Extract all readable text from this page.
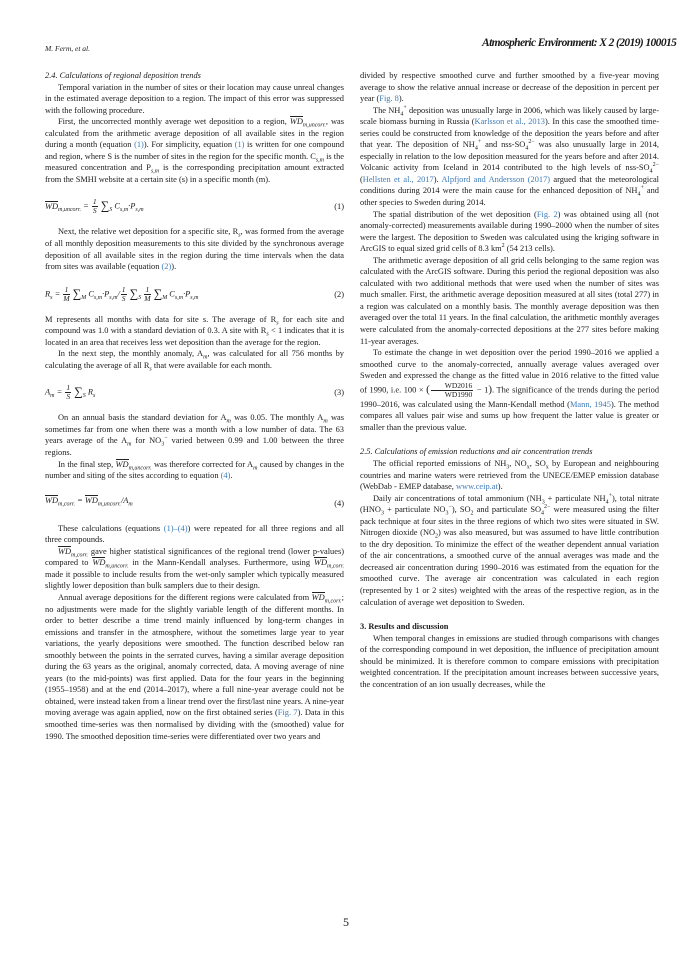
M. Ferm, et al.	Atmospheric Environment: X 2 (2019) 100015

2.4. Calculations of regional deposition trends

Temporal variation in the number of sites or their location may cause unreal changes in the estimated average deposition to a region. The impact of this error was suppressed with the following procedure.

First, the uncorrected monthly average wet deposition to a region, $WD_{m,uncorr.}$, was calculated from the arithmetic average deposition of all available sites in the region during a month (equation (1)). For simplicity, equation (1) is written for one compound and region, where S is the number of sites in the region for the specific month. $C_{s,m}$ is the measured concentration and $P_{s,m}$ is the corresponding precipitation amount extracted from the SMHI website at a certain site (s) in a specific month (m).

$WD_{m,uncorr.} = \frac{1}{S} \sum_S$ $C_{s,m}\cdot P_{s,m}$	(1)

Next, the relative wet deposition for a specific site, $R_s$, was formed from the average of all monthly deposition measurements to this site divided by the synchronous average deposition of all available sites in the region during the time intervals when the data from sites was available (equation (2)).

$R_s = \frac{1}{M} \sum_M$ $C_{s,m}\cdot P_{s,m}/ \frac{1}{S} \sum_S \frac{1}{M} \sum_M$ $C_{s,m}\cdot P_{s,m}$	(2)

M represents all months with data for site s. The average of $R_s$ for each site and compound was 1.0 with a standard deviation of 0.3. A site with $R_s < 1$ indicates that it is located in an area that receives less wet deposition than the average for the region.

In the next step, the monthly anomaly, $A_m$, was calculated for all 756 months by calculating the average of all $R_s$ that were available for each month.

$A_m = \frac{1}{S} \sum_S$ $R_s$	(3)

On an annual basis the standard deviation for $A_m$ was 0.05. The monthly $A_m$ was sometimes far from one when there was a month with a low number of data. The 63 years average of the $A_m$ for $NO_3^-$ varied between 0.99 and 1.00 between the three regions.

In the final step, $WD_{m,uncorr.}$ was therefore corrected for $A_m$ caused by changes in the number and siting of the sites according to equation (4).

$WD_{m,corr.} = WD_{m,uncorr.}/A_m$	(4)

These calculations (equations (1)–(4)) were repeated for all three regions and all three compounds.

$WD_{m,corr.}$ gave higher statistical significances of the regional trend (lower p-values) compared to $WD_{m,uncorr.}$ in the Mann-Kendall analyses. Furthermore, using $WD_{m,corr.}$ made it possible to include results from the wet-only sampler which typically measured slightly lower deposition than bulk samplers due to their design.

Annual average depositions for the different regions were calculated from $WD_{m,corr.}$; no adjustments were made for the slightly variable length of the different months. In order to better describe a time trend mainly influenced by long-term changes in emissions and transfer in the atmosphere, without the sometimes large year to year variations, the yearly depositions were smoothed. The function described below ran smoothly between the points in the serrated curves, having a similar average deposition during the 63 years as the original, anomaly corrected, data. A moving average of nine years (to the mid-points) was first applied. Data for the four years in the beginning (1955–1958) and at the end (2014–2017), where a full nine-year average could not be obtained, were instead taken from a linear trend over the first/last nine years. A nine-year moving average was again applied, now on the first obtained series (Fig. 7). Data in this smoothed time-series was then normalised by dividing with the (smoothed) value for 1990. The smoothed deposition time-series were differentiated over two years and

divided by respective smoothed curve and further smoothed by a five-year moving average to show the relative annual increase or decrease of the deposition in percent per year (Fig. 8).

The $NH_4^+$ deposition was unusually large in 2006, which was likely caused by large-scale biomass burning in Russia (Karlsson et al., 2013). In this case the smoothed time-series could be constructed from knowledge of the deposition the years before and after that year. The deposition of $NH_4^+$ and nss-$SO_4^{2-}$ was also unusually large in 2014, especially in relation to the low deposition measured for the years before and after 2014. Volcanic activity from Iceland in 2014 contributed to the high levels of nss-$SO_4^{2-}$ (Hellsten et al., 2017). Alpfjord and Andersson (2017) argued that the meteorological conditions during 2014 were the main cause for the enhanced deposition of $NH_4^+$ and other species to Sweden during 2014.

The spatial distribution of the wet deposition (Fig. 2) was obtained using all (not anomaly-corrected) measurements available during 1990–2000 when the number of sites were the largest. The deposition to Sweden was calculated using the kriging software in ArcGIS to equal sized grid cells of 8.3 $km^2$ (54 213 cells).

The arithmetic average deposition of all grid cells belonging to the same region was calculated with the ArcGIS software. During this period the regional deposition was also calculated with two additional methods that were used when the number of sites was much smaller. First, the arithmetic average deposition measured at all sites (total 277) in a region was calculated on a monthly basis. The monthly average deposition was then averaged over the total 11 years. In the final calculation, the arithmetic monthly averages were calculated from the anomaly-corrected depositions at the 277 sites before making 11-year averages.

To estimate the change in wet deposition over the period 1990–2016 we applied a smoothed curve to the anomaly-corrected, annually average values averaged over Sweden and expressed the change as the fitted value in 2016 relative to the fitted value of 1990, i.e. 100 × ( $\frac{WD2016}{WD1990} - 1$). The significance of the trends during the period 1990–2016, was calculated using the Mann-Kendall method (Mann, 1945). The method compares all values pair wise and sums up how frequent the latter value is greater or smaller than the previous value.

2.5. Calculations of emission reductions and air concentration trends

The official reported emissions of $NH_3$, $NO_x$, $SO_x$ by European and neighbouring countries and marine waters were retrieved from the UNECE/EMEP emission database (WebDab - EMEP database, www.ceip.at).

Daily air concentrations of total ammonium ($NH_3$ + particulate $NH_4^+$), total nitrate ($HNO_3$ + particulate $NO_3^-$), $SO_2$ and particulate $SO_4^{2-}$ were measured using the filter pack technique at four sites in the three regions of which two sites were situated in SW. Nitrogen dioxide $(NO_2)$ was also measured, but was assumed to have little contribution to the dry deposition. To minimize the effect of the weather dependent annual variation of the air concentrations, a smoothed curve of the annual averages was made and the decreased air concentration during 1990–2016 was estimated from the equation for the smoothed curve. The average air concentration was calculated in each region (represented by 1 or 2 sites) weighted with the areas of the respective region, as in the calculation of average wet deposition to Sweden.

3. Results and discussion

When temporal changes in emissions are studied through comparisons with changes of the corresponding compound in wet deposition, the influence of precipitation amount should be minimized. It is therefore common to compare emissions with precipitation weighted concentration. If the precipitation amount increases between successive years, the concentration of an ion usually decreases, while the

5
